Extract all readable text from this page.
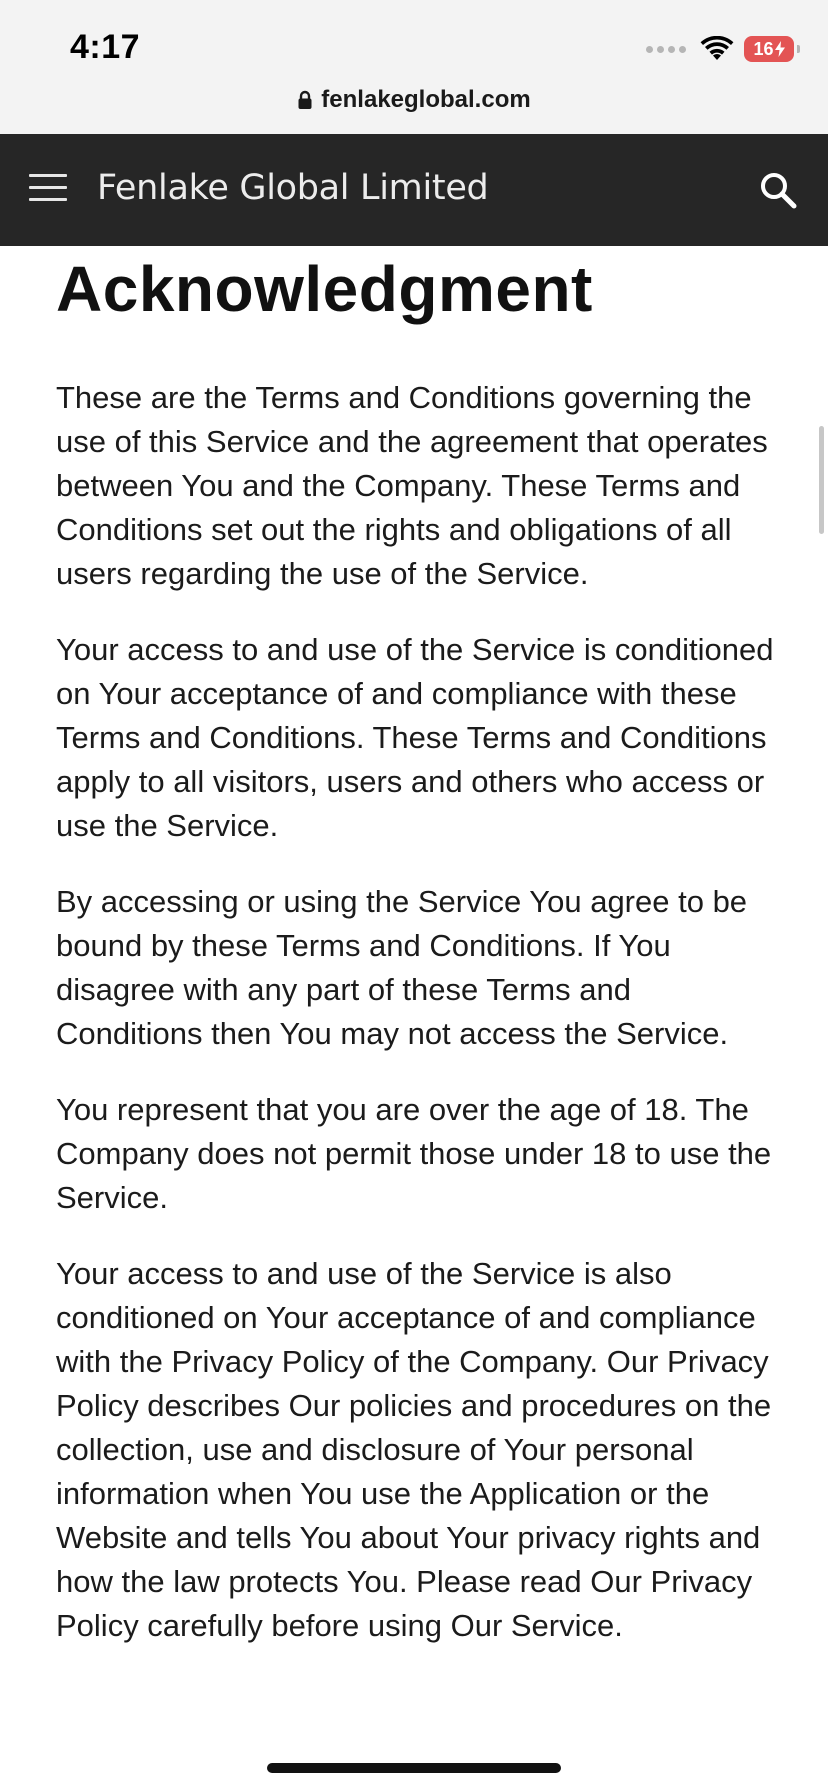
4:17	16
fenlakeglobal.com
Fenlake Global Limited
Acknowledgment

These are the Terms and Conditions governing the use of this Service and the agreement that operates between You and the Company. These Terms and Conditions set out the rights and obligations of all users regarding the use of the Service.

Your access to and use of the Service is conditioned on Your acceptance of and compliance with these Terms and Conditions. These Terms and Conditions apply to all visitors, users and others who access or use the Service.

By accessing or using the Service You agree to be bound by these Terms and Conditions. If You disagree with any part of these Terms and Conditions then You may not access the Service.

You represent that you are over the age of 18. The Company does not permit those under 18 to use the Service.

Your access to and use of the Service is also conditioned on Your acceptance of and compliance with the Privacy Policy of the Company. Our Privacy Policy describes Our policies and procedures on the collection, use and disclosure of Your personal information when You use the Application or the Website and tells You about Your privacy rights and how the law protects You. Please read Our Privacy Policy carefully before using Our Service.
